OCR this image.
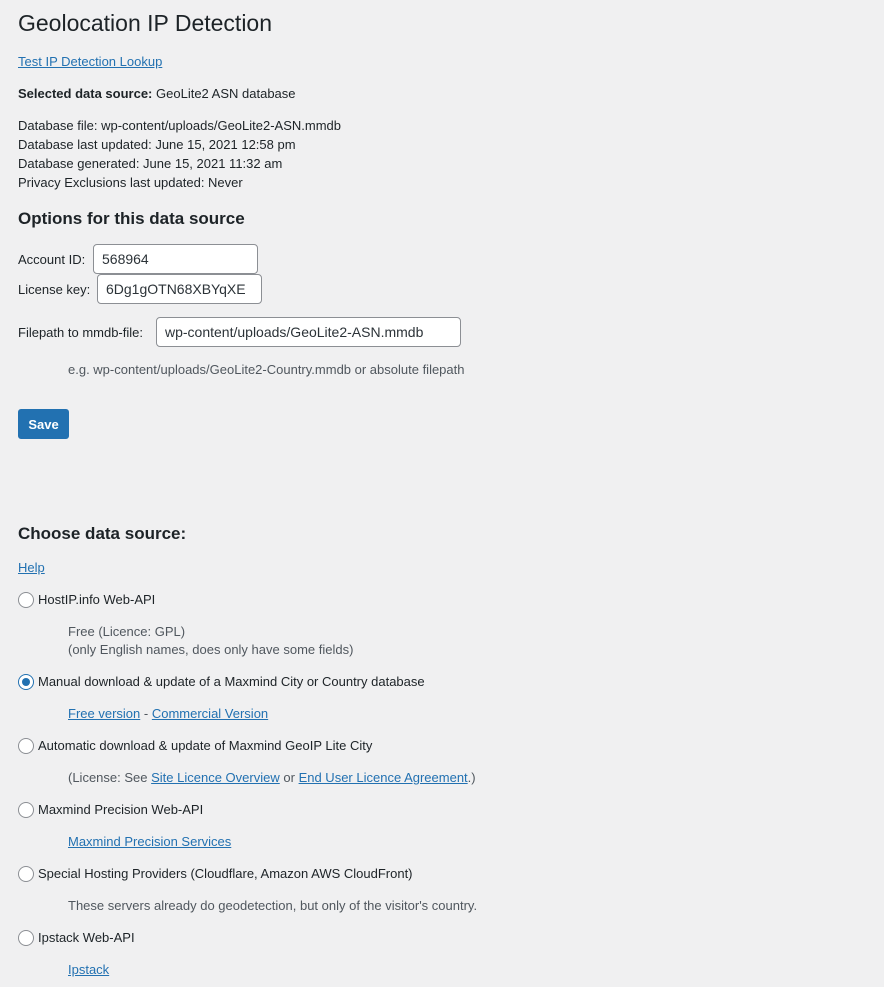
Geolocation IP Detection
Test IP Detection Lookup
Selected data source: GeoLite2 ASN database
Database file: wp-content/uploads/GeoLite2-ASN.mmdb
Database last updated: June 15, 2021 12:58 pm
Database generated: June 15, 2021 11:32 am
Privacy Exclusions last updated: Never
Options for this data source
Account ID:
568964
License key:
6Dg1gOTN68XBYqXE
Filepath to mmdb-file:
wp-content/uploads/GeoLite2-ASN.mmdb
e.g. wp-content/uploads/GeoLite2-Country.mmdb or absolute filepath
Save
Choose data source:
Help
HostIP.info Web-API
Free (Licence: GPL)
(only English names, does only have some fields)
Manual download & update of a Maxmind City or Country database
Free version - Commercial Version
Automatic download & update of Maxmind GeoIP Lite City
(License: See Site Licence Overview or End User Licence Agreement.)
Maxmind Precision Web-API
Maxmind Precision Services
Special Hosting Providers (Cloudflare, Amazon AWS CloudFront)
These servers already do geodetection, but only of the visitor's country.
Ipstack Web-API
Ipstack
